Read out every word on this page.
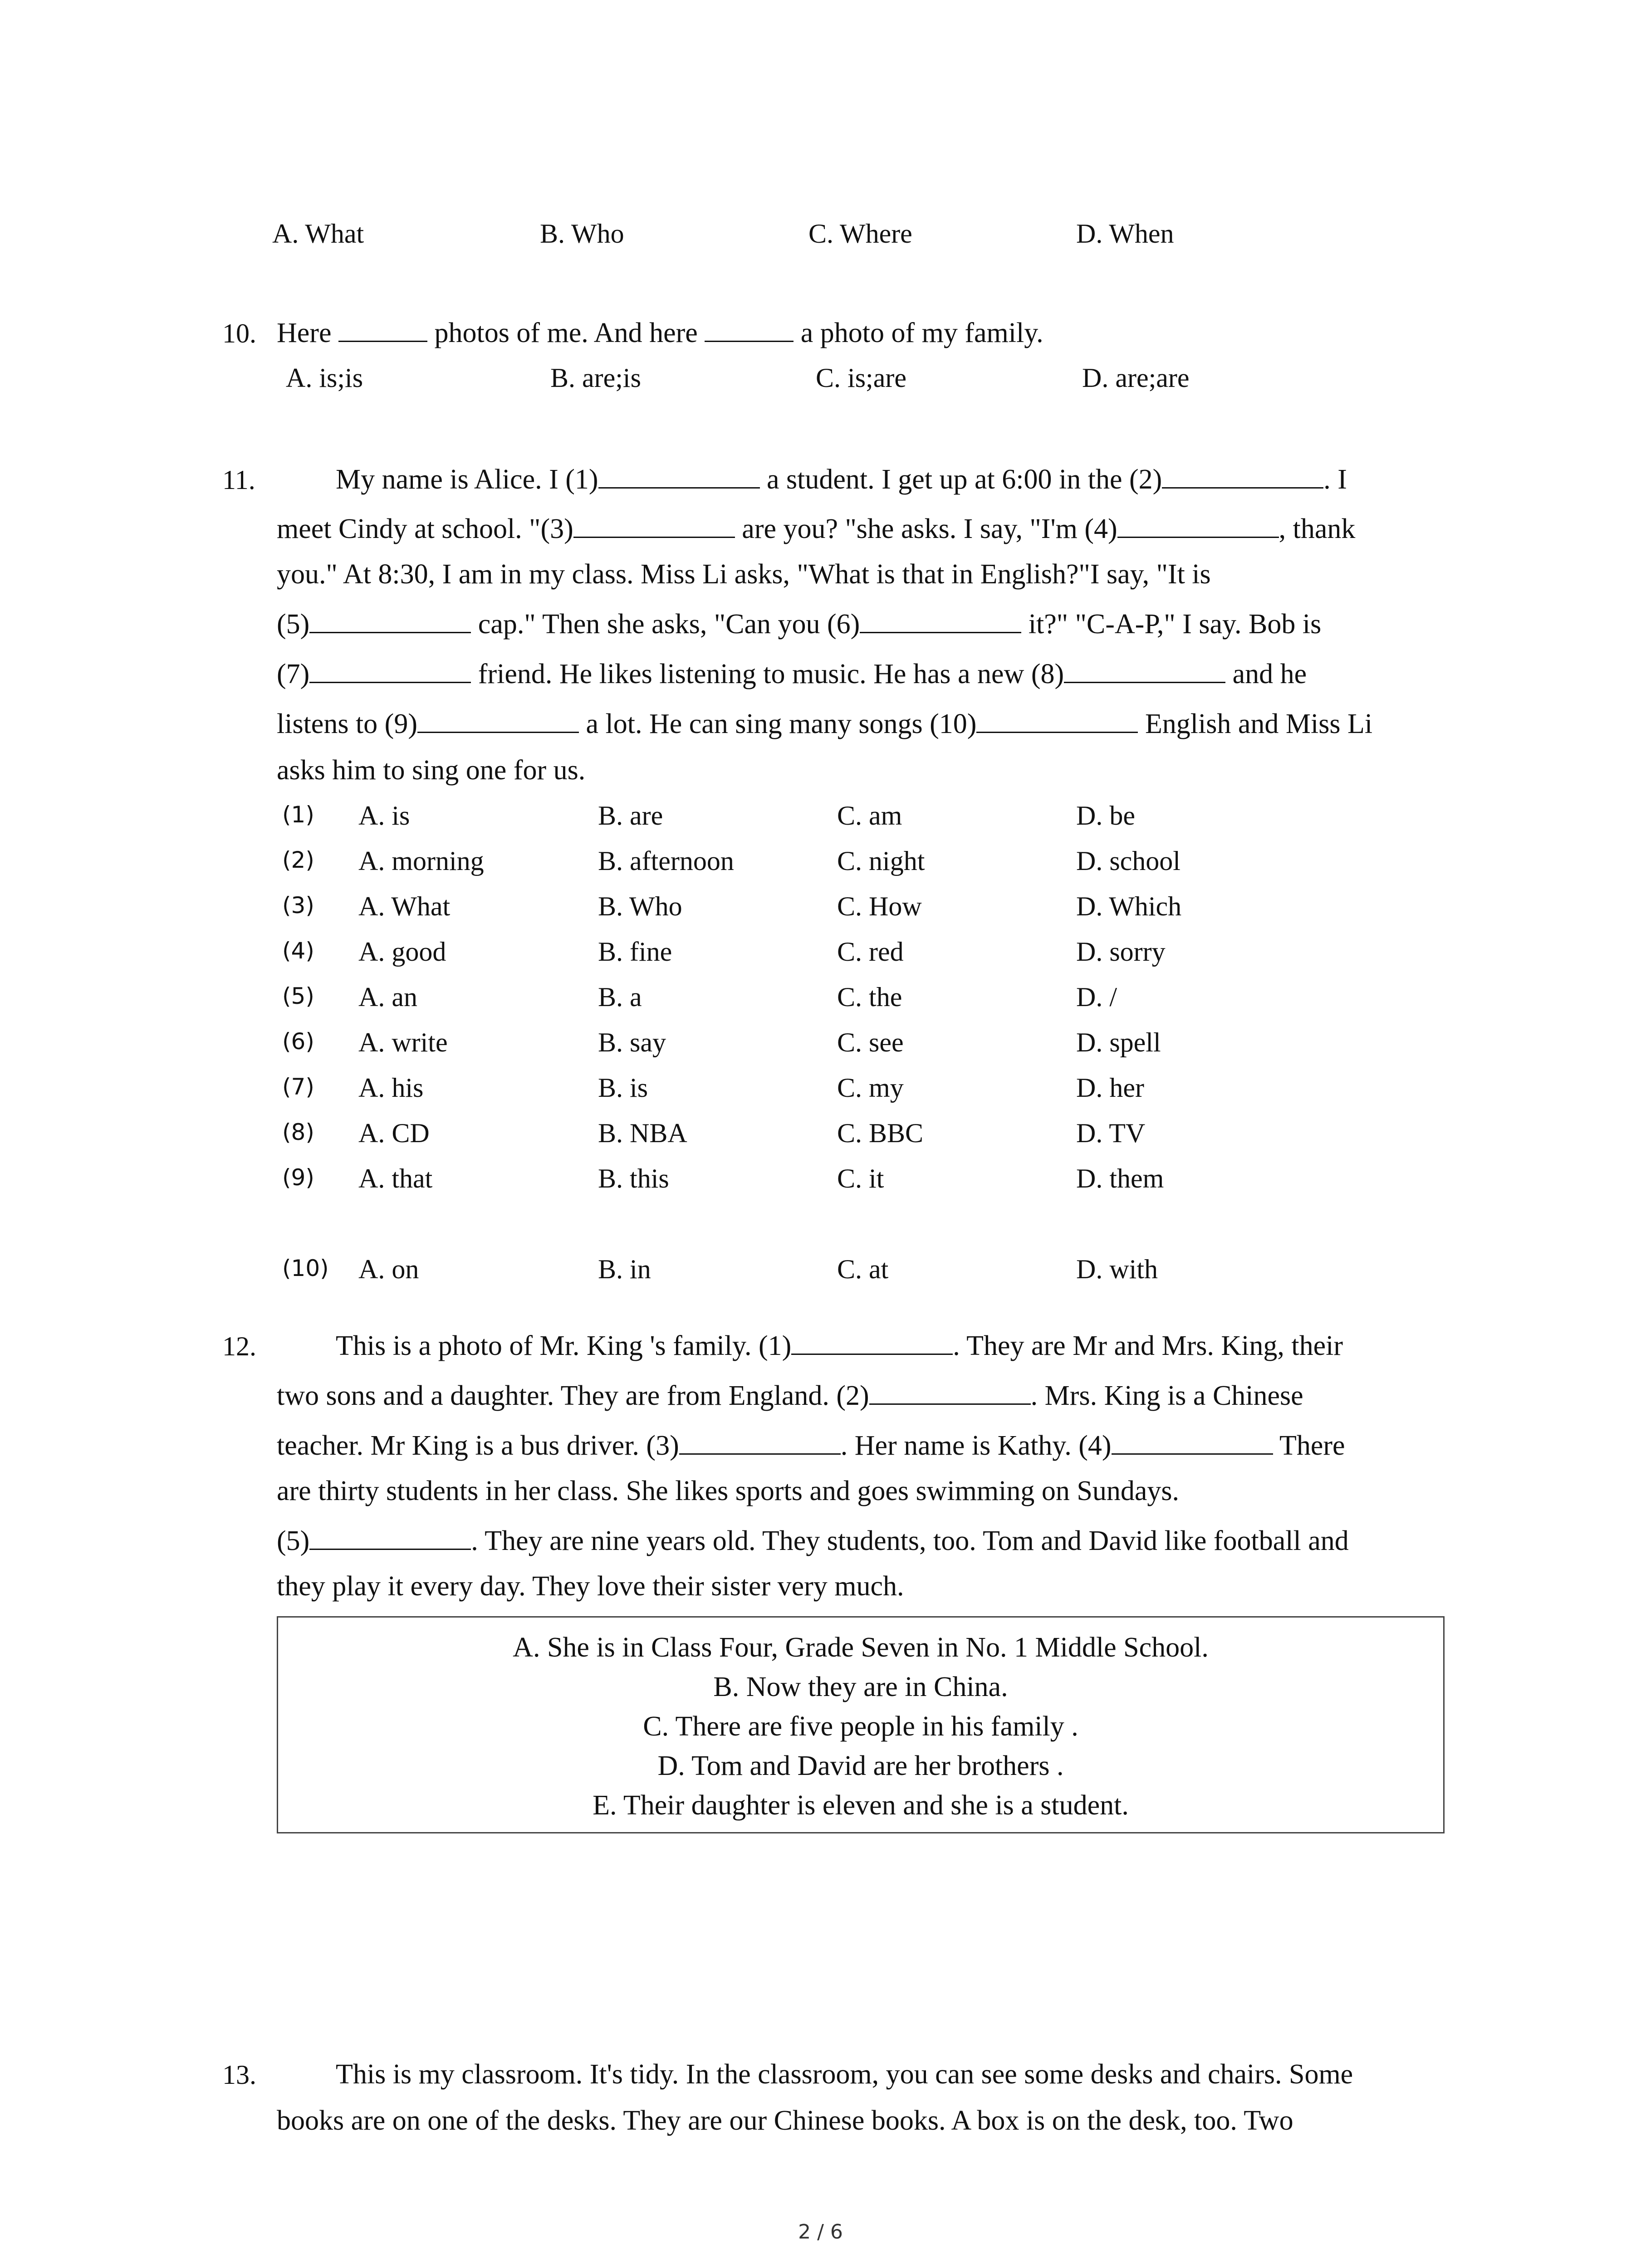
A. What	B. Who	C. Where	D. When
10. Here	photos of me. And here	a photo of my family.
A. is;is	B. are;is	C. is;are	D. are;are
11.	My name is Alice. I (1)	a student. I get up at 6:00 in the (2)	. I
meet Cindy at school. "(3)	are you? "she asks. I say, "I'm (4)	, thank
you." At 8:30, I am in my class. Miss Li asks, "What is that in English?"I say, "It is
(5)	cap." Then she asks, "Can you (6)	it?" "C-A-P," I say. Bob is
(7)	friend. He likes listening to music. He has a new (8)	and he
listens to (9)	a lot. He can sing many songs (10)	English and Miss Li
asks him to sing one for us.
(1) A. is	B. are	C. am	D. be
(2) A. morning	B. afternoon	C. night	D. school
(3) A. What	B. Who	C. How	D. Which
(4) A. good	B. fine	C. red	D. sorry
(5) A. an	B. a	C. the	D. /
(6) A. write	B. say	C. see	D. spell
(7) A. his	B. is	C. my	D. her
(8) A. CD	B. NBA	C. BBC	D. TV
(9) A. that	B. this	C. it	D. them
(10) A. on	B. in	C. at	D. with
12.	This is a photo of Mr. King 's family. (1)	. They are Mr and Mrs. King, their
two sons and a daughter. They are from England. (2)	. Mrs. King is a Chinese
teacher. Mr King is a bus driver. (3)	. Her name is Kathy. (4)	There
are thirty students in her class. She likes sports and goes swimming on Sundays.
(5)	. They are nine years old. They students, too. Tom and David like football and
they play it every day. They love their sister very much.
A. She is in Class Four, Grade Seven in No. 1 Middle School.
B. Now they are in China.
C. There are five people in his family .
D. Tom and David are her brothers .
E. Their daughter is eleven and she is a student.
13.	This is my classroom. It's tidy. In the classroom, you can see some desks and chairs. Some
books are on one of the desks. They are our Chinese books. A box is on the desk, too. Two
2 / 6
